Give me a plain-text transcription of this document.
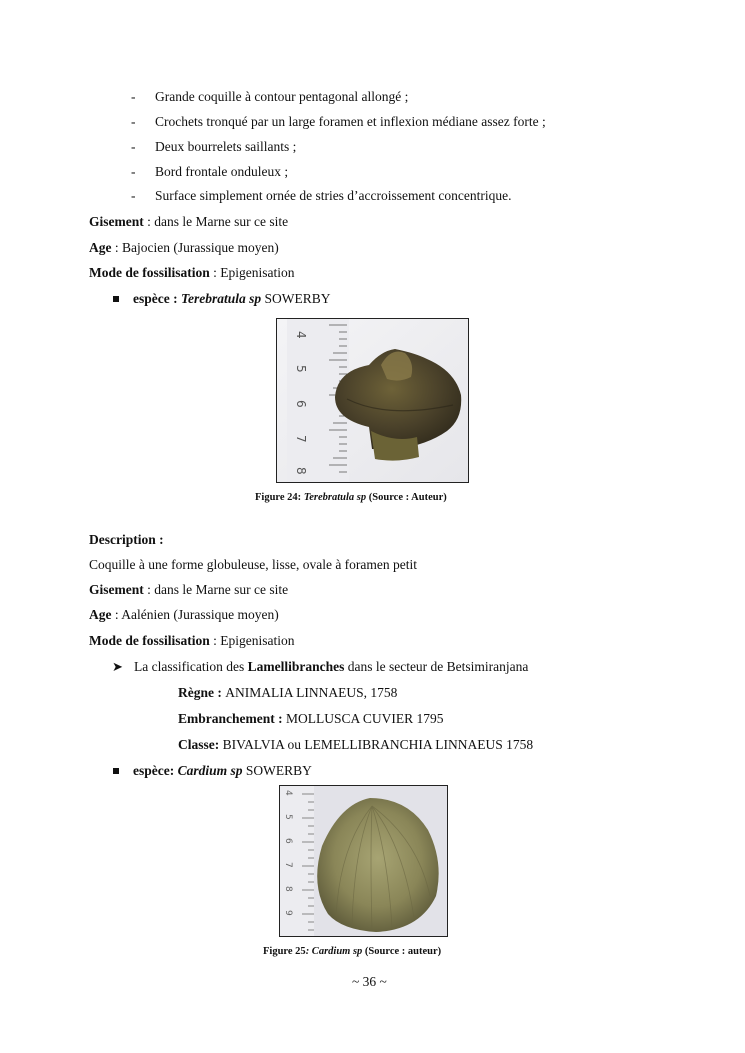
- Grande coquille à contour pentagonal allongé ;
- Crochets tronqué par un large foramen et inflexion médiane assez forte ;
- Deux bourrelets saillants ;
- Bord frontale onduleux ;
- Surface simplement ornée de stries d’accroissement concentrique.
Gisement : dans le Marne sur ce site
Age : Bajocien (Jurassique moyen)
Mode de fossilisation : Epigenisation
espèce : Terebratula sp SOWERBY
4
5
6
7
8
Figure 24: Terebratula sp (Source : Auteur)
Description :
Coquille à une forme globuleuse, lisse, ovale à foramen petit
Gisement : dans le Marne sur ce site
Age : Aalénien (Jurassique moyen)
Mode de fossilisation : Epigenisation
➤ La classification des Lamellibranches dans le secteur de Betsimiranjana
Règne : ANIMALIA LINNAEUS, 1758
Embranchement : MOLLUSCA CUVIER 1795
Classe: BIVALVIA ou LEMELLIBRANCHIA LINNAEUS 1758
espèce: Cardium sp SOWERBY
4
5
6
7
8
9
Figure 25: Cardium sp (Source : auteur)
~ 36 ~
